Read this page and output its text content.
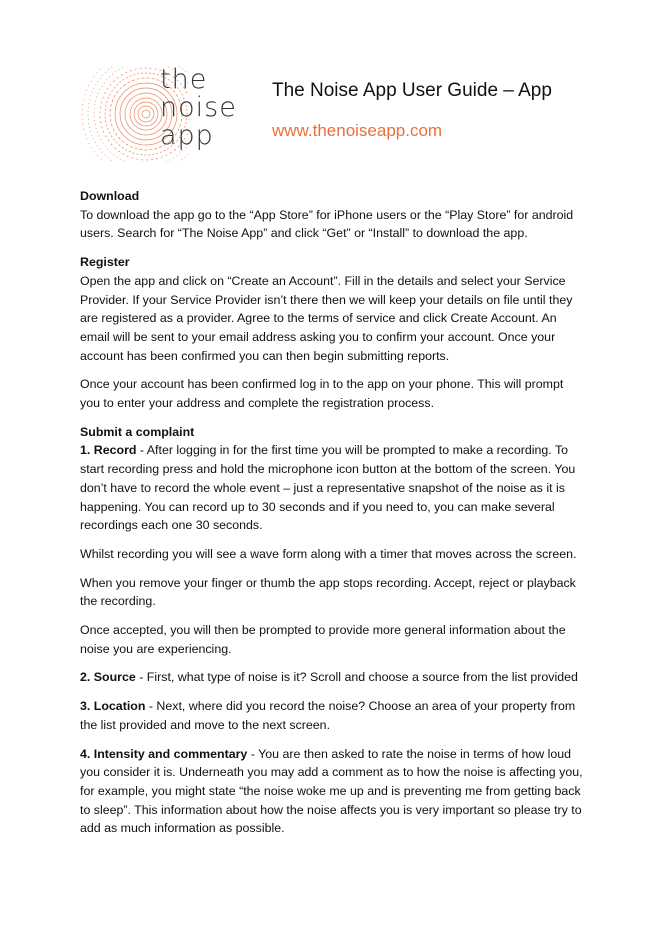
the
noise
app
The Noise App User Guide – App
www.thenoiseapp.com
Download

To download the app go to the “App Store” for iPhone users or the “Play Store” for android users. Search for “The Noise App” and click “Get” or “Install” to download the app.

Register

Open the app and click on “Create an Account”. Fill in the details and select your Service Provider. If your Service Provider isn’t there then we will keep your details on file until they are registered as a provider. Agree to the terms of service and click Create Account. An email will be sent to your email address asking you to confirm your account. Once your account has been confirmed you can then begin submitting reports.

Once your account has been confirmed log in to the app on your phone. This will prompt you to enter your address and complete the registration process.

Submit a complaint

1. Record - After logging in for the first time you will be prompted to make a recording. To start recording press and hold the microphone icon button at the bottom of the screen. You don’t have to record the whole event – just a representative snapshot of the noise as it is happening. You can record up to 30 seconds and if you need to, you can make several recordings each one 30 seconds.

Whilst recording you will see a wave form along with a timer that moves across the screen.

When you remove your finger or thumb the app stops recording. Accept, reject or playback the recording.

Once accepted, you will then be prompted to provide more general information about the noise you are experiencing.

2. Source - First, what type of noise is it? Scroll and choose a source from the list provided

3. Location - Next, where did you record the noise? Choose an area of your property from the list provided and move to the next screen.

4. Intensity and commentary - You are then asked to rate the noise in terms of how loud you consider it is. Underneath you may add a comment as to how the noise is affecting you, for example, you might state “the noise woke me up and is preventing me from getting back to sleep”. This information about how the noise affects you is very important so please try to add as much information as possible.
